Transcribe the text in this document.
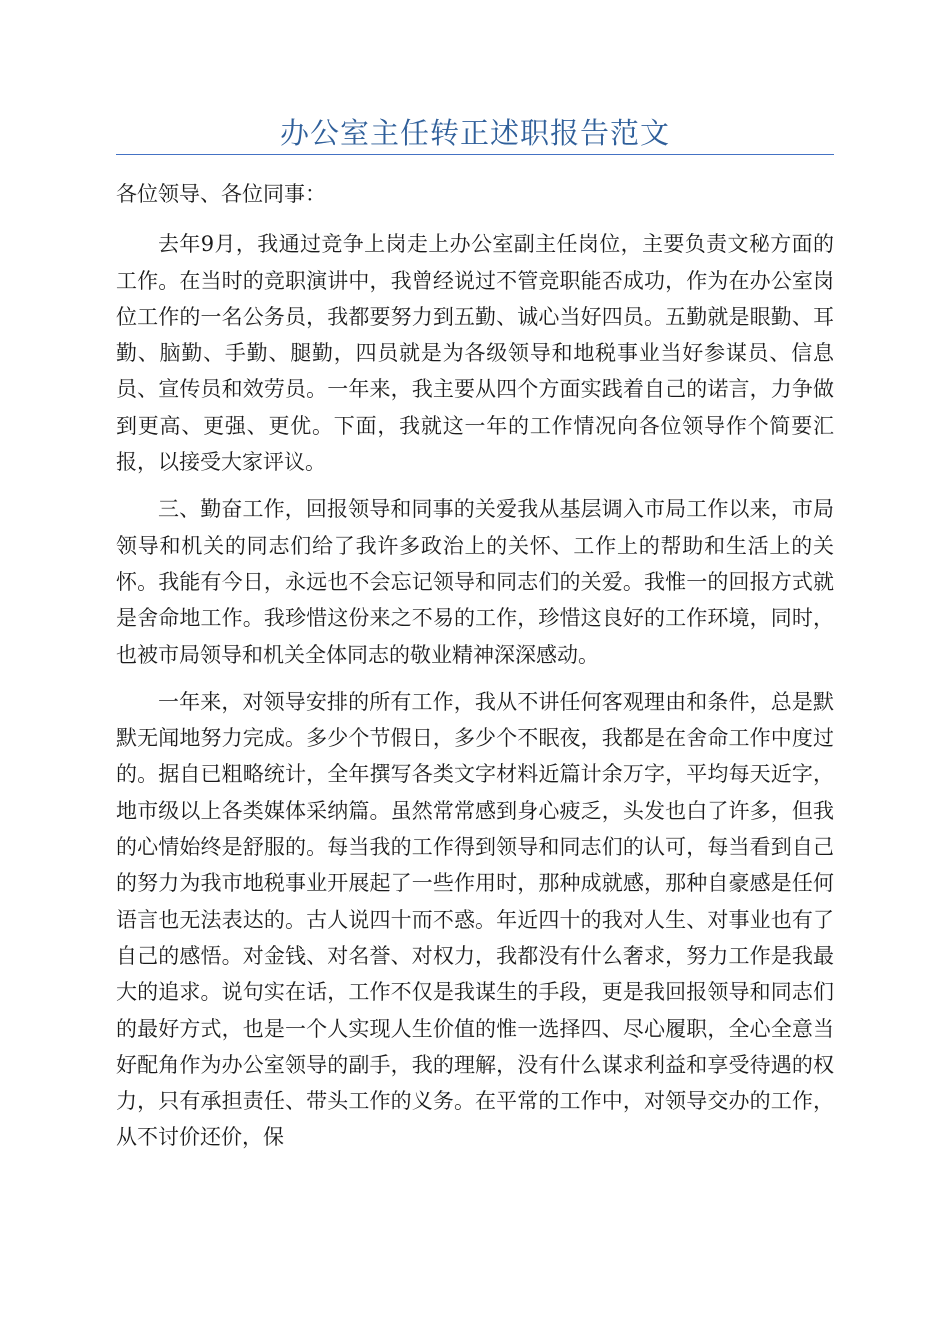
办公室主任转正述职报告范文

各位领导、各位同事：

去年9月，我通过竞争上岗走上办公室副主任岗位，主要负责文秘方面的工作。在当时的竞职演讲中，我曾经说过不管竞职能否成功，作为在办公室岗位工作的一名公务员，我都要努力到五勤、诚心当好四员。五勤就是眼勤、耳勤、脑勤、手勤、腿勤，四员就是为各级领导和地税事业当好参谋员、信息员、宣传员和效劳员。一年来，我主要从四个方面实践着自己的诺言，力争做到更高、更强、更优。下面，我就这一年的工作情况向各位领导作个简要汇报，以接受大家评议。

三、勤奋工作，回报领导和同事的关爱我从基层调入市局工作以来，市局领导和机关的同志们给了我许多政治上的关怀、工作上的帮助和生活上的关怀。我能有今日，永远也不会忘记领导和同志们的关爱。我惟一的回报方式就是舍命地工作。我珍惜这份来之不易的工作，珍惜这良好的工作环境，同时，也被市局领导和机关全体同志的敬业精神深深感动。

一年来，对领导安排的所有工作，我从不讲任何客观理由和条件，总是默默无闻地努力完成。多少个节假日，多少个不眠夜，我都是在舍命工作中度过的。据自已粗略统计，全年撰写各类文字材料近篇计余万字，平均每天近字，地市级以上各类媒体采纳篇。虽然常常感到身心疲乏，头发也白了许多，但我的心情始终是舒服的。每当我的工作得到领导和同志们的认可，每当看到自己的努力为我市地税事业开展起了一些作用时，那种成就感，那种自豪感是任何语言也无法表达的。古人说四十而不惑。年近四十的我对人生、对事业也有了自己的感悟。对金钱、对名誉、对权力，我都没有什么奢求，努力工作是我最大的追求。说句实在话，工作不仅是我谋生的手段，更是我回报领导和同志们的最好方式，也是一个人实现人生价值的惟一选择四、尽心履职，全心全意当好配角作为办公室领导的副手，我的理解，没有什么谋求利益和享受待遇的权力，只有承担责任、带头工作的义务。在平常的工作中，对领导交办的工作，从不讨价还价，保
